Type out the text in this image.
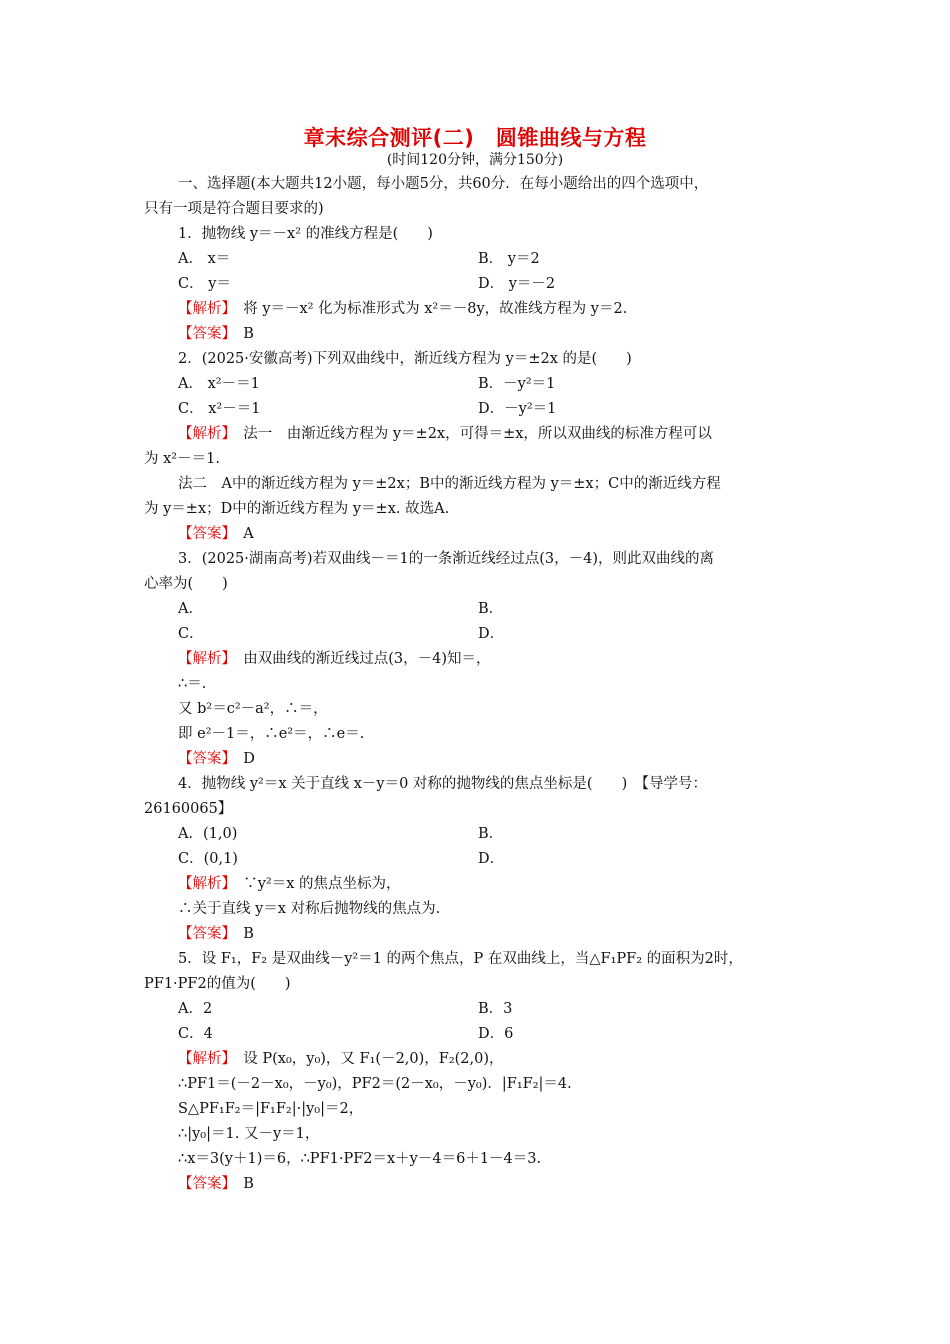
章末综合测评(二)　圆锥曲线与方程
(时间120分钟，满分150分)
一、选择题(本大题共12小题，每小题5分，共60分．在每小题给出的四个选项中，
只有一项是符合题目要求的)
1．抛物线 y＝－x² 的准线方程是(　　)
A． x＝	B． y＝2
C． y＝	D． y＝－2
【解析】　将 y＝－x² 化为标准形式为 x²＝－8y，故准线方程为 y＝2.
【答案】　B
2．(2025·安徽高考)下列双曲线中，渐近线方程为 y＝±2x 的是(　　)
A． x²－＝1	B．－y²＝1
C． x²－＝1	D．－y²＝1
【解析】　法一　由渐近线方程为 y＝±2x，可得＝±x，所以双曲线的标准方程可以
为 x²－＝1.
法二　A中的渐近线方程为 y＝±2x；B中的渐近线方程为 y＝±x；C中的渐近线方程
为 y＝±x；D中的渐近线方程为 y＝±x. 故选A.
【答案】　A
3．(2025·湖南高考)若双曲线－＝1的一条渐近线经过点(3，－4)，则此双曲线的离
心率为(　　)
A．	B．
C．	D．
【解析】　由双曲线的渐近线过点(3，－4)知＝，
∴＝.
又 b²＝c²－a²，∴＝，
即 e²－1＝，∴e²＝，∴e＝.
【答案】　D
4．抛物线 y²＝x 关于直线 x－y＝0 对称的抛物线的焦点坐标是(　　)　【导学号：
26160065】
A．(1,0)	B．
C．(0,1)	D．
【解析】　∵y²＝x 的焦点坐标为，
∴关于直线 y＝x 对称后抛物线的焦点为.
【答案】　B
5．设 F₁，F₂ 是双曲线－y²＝1 的两个焦点，P 在双曲线上，当△F₁PF₂ 的面积为2时，
PF1·PF2的值为(　　)
A．2	B．3
C．4	D．6
【解析】　设 P(x₀，y₀)，又 F₁(－2,0)，F₂(2,0)，
∴PF1＝(－2－x₀，－y₀)，PF2＝(2－x₀，－y₀)．|F₁F₂|＝4.
S△PF₁F₂＝|F₁F₂|·|y₀|＝2，
∴|y₀|＝1. 又－y＝1，
∴x＝3(y＋1)＝6，∴PF1·PF2＝x＋y－4＝6＋1－4＝3.
【答案】　B
